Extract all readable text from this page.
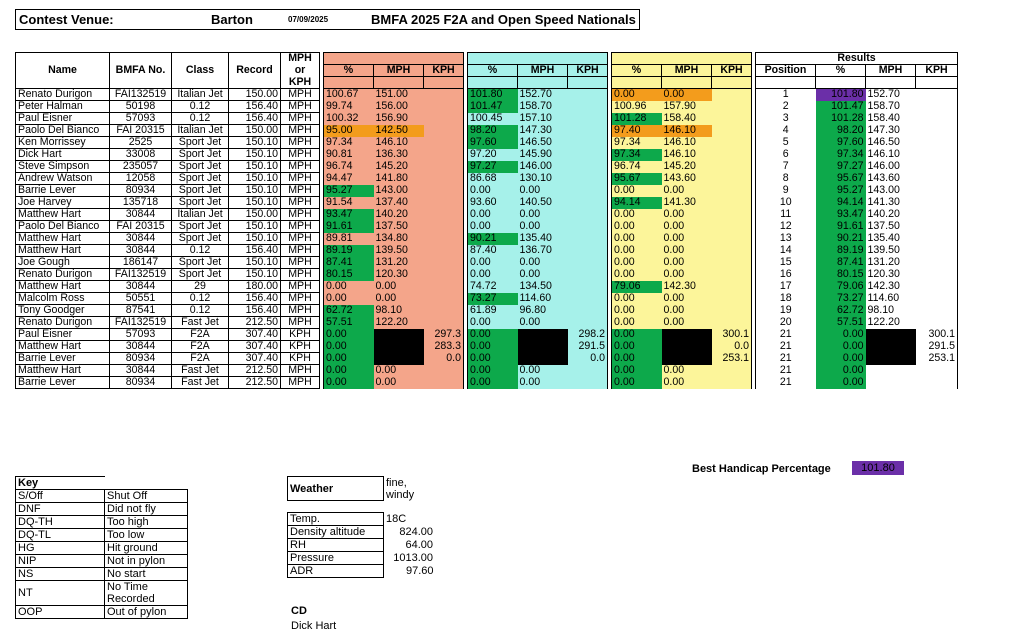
Contest Venue:	Barton	07/09/2025	BMFA 2025 F2A and Open Speed Nationals
				MPH														Results			
Name	BMFA No.	Class	Record	or		%	MPH	KPH		%	MPH	KPH		%	MPH	KPH		Position	%	MPH	KPH
				KPH																	
Renato Durigon	FAI132519	Italian Jet	150.00	MPH		100.67	151.00			101.80	152.70			0.00	0.00			1	101.80	152.70	
Peter Halman	50198	0.12	156.40	MPH		99.74	156.00			101.47	158.70			100.96	157.90			2	101.47	158.70	
Paul Eisner	57093	0.12	156.40	MPH		100.32	156.90			100.45	157.10			101.28	158.40			3	101.28	158.40	
Paolo Del Bianco	FAI 20315	Italian Jet	150.00	MPH		95.00	142.50			98.20	147.30			97.40	146.10			4	98.20	147.30	
Ken Morrissey	2525	Sport Jet	150.10	MPH		97.34	146.10			97.60	146.50			97.34	146.10			5	97.60	146.50	
Dick Hart	33008	Sport Jet	150.10	MPH		90.81	136.30			97.20	145.90			97.34	146.10			6	97.34	146.10	
Steve Simpson	235057	Sport Jet	150.10	MPH		96.74	145.20			97.27	146.00			96.74	145.20			7	97.27	146.00	
Andrew Watson	12058	Sport Jet	150.10	MPH		94.47	141.80			86.68	130.10			95.67	143.60			8	95.67	143.60	
Barrie Lever	80934	Sport Jet	150.10	MPH		95.27	143.00			0.00	0.00			0.00	0.00			9	95.27	143.00	
Joe Harvey	135718	Sport Jet	150.10	MPH		91.54	137.40			93.60	140.50			94.14	141.30			10	94.14	141.30	
Matthew Hart	30844	Italian Jet	150.00	MPH		93.47	140.20			0.00	0.00			0.00	0.00			11	93.47	140.20	
Paolo Del Bianco	FAI 20315	Sport Jet	150.10	MPH		91.61	137.50			0.00	0.00			0.00	0.00			12	91.61	137.50	
Matthew Hart	30844	Sport Jet	150.10	MPH		89.81	134.80			90.21	135.40			0.00	0.00			13	90.21	135.40	
Matthew Hart	30844	0.12	156.40	MPH		89.19	139.50			87.40	136.70			0.00	0.00			14	89.19	139.50	
Joe Gough	186147	Sport Jet	150.10	MPH		87.41	131.20			0.00	0.00			0.00	0.00			15	87.41	131.20	
Renato Durigon	FAI132519	Sport Jet	150.10	MPH		80.15	120.30			0.00	0.00			0.00	0.00			16	80.15	120.30	
Matthew Hart	30844	29	180.00	MPH		0.00	0.00			74.72	134.50			79.06	142.30			17	79.06	142.30	
Malcolm Ross	50551	0.12	156.40	MPH		0.00	0.00			73.27	114.60			0.00	0.00			18	73.27	114.60	
Tony Goodger	87541	0.12	156.40	MPH		62.72	98.10			61.89	96.80			0.00	0.00			19	62.72	98.10	
Renato Durigon	FAI132519	Fast Jet	212.50	MPH		57.51	122.20			0.00	0.00			0.00	0.00			20	57.51	122.20	
Paul Eisner	57093	F2A	307.40	KPH		0.00		297.3		0.00		298.2		0.00		300.1		21	0.00		300.1
Matthew Hart	30844	F2A	307.40	KPH		0.00		283.3		0.00		291.5		0.00		0.0		21	0.00		291.5
Barrie Lever	80934	F2A	307.40	KPH		0.00		0.0		0.00		0.0		0.00		253.1		21	0.00		253.1
Matthew Hart	30844	Fast Jet	212.50	MPH		0.00	0.00			0.00	0.00			0.00	0.00			21	0.00		
Barrie Lever	80934	Fast Jet	212.50	MPH		0.00	0.00			0.00	0.00			0.00	0.00			21	0.00		
Best Handicap Percentage	101.80
Key	
S/Off	Shut Off
DNF	Did not fly
DQ-TH	Too high
DQ-TL	Too low
HG	Hit ground
NIP	Not in pylon
NS	No start
NT	No Time Recorded
OOP	Out of pylon
Weather	fine, windy

Temp.	18C
Density altitude	824.00
RH	64.00
Pressure	1013.00
ADR	97.60
CD
Dick Hart
